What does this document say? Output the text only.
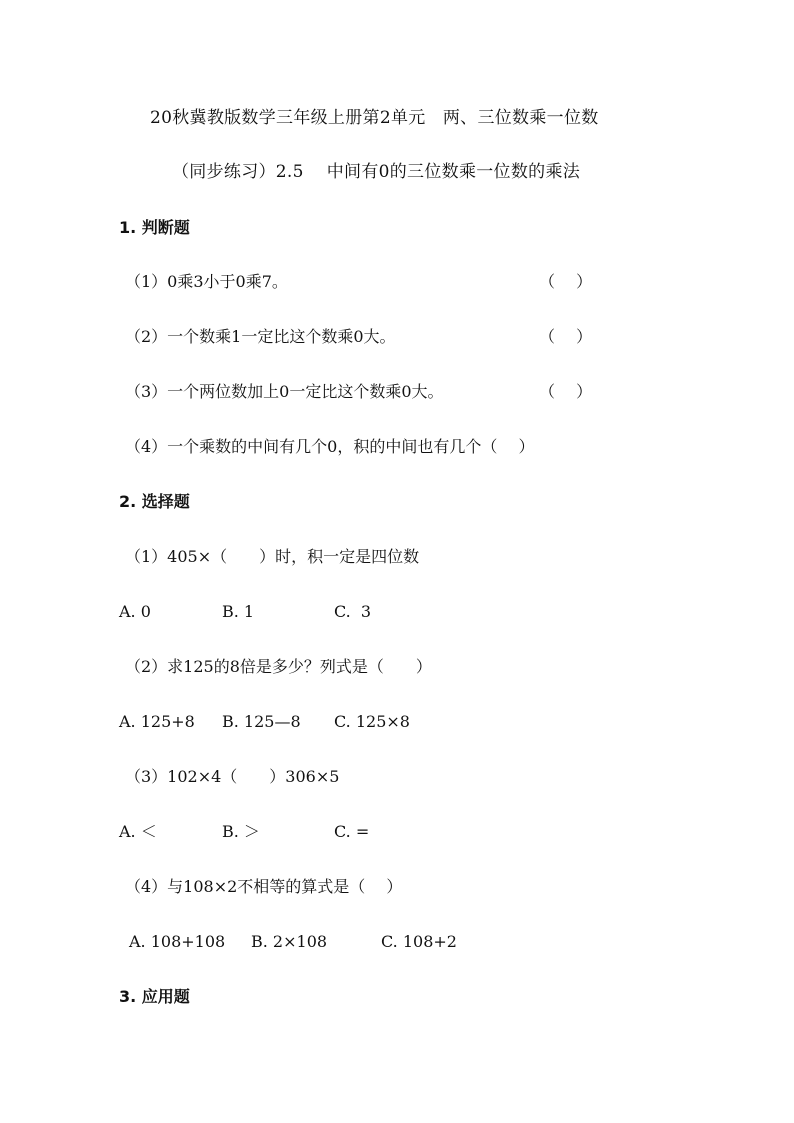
20秋冀教版数学三年级上册第2单元　两、三位数乘一位数
（同步练习）2.5　 中间有0的三位数乘一位数的乘法
1. 判断题
（1）0乘3小于0乘7。	（　 ）
（2）一个数乘1一定比这个数乘0大。	（　 ）
（3）一个两位数加上0一定比这个数乘0大。	（　 ）
（4）一个乘数的中间有几个0，积的中间也有几个（　 ）
2. 选择题
（1）405×（　　）时，积一定是四位数
A. 0	B. 1	C.  3
（2）求125的8倍是多少？列式是（　　）
A. 125+8 B. 125—8 C. 125×8
（3）102×4（　　）306×5
A. ＜	B. ＞	C. =
（4）与108×2不相等的算式是（　 ）
A. 108+108 B. 2×108	C. 108+2
3. 应用题
